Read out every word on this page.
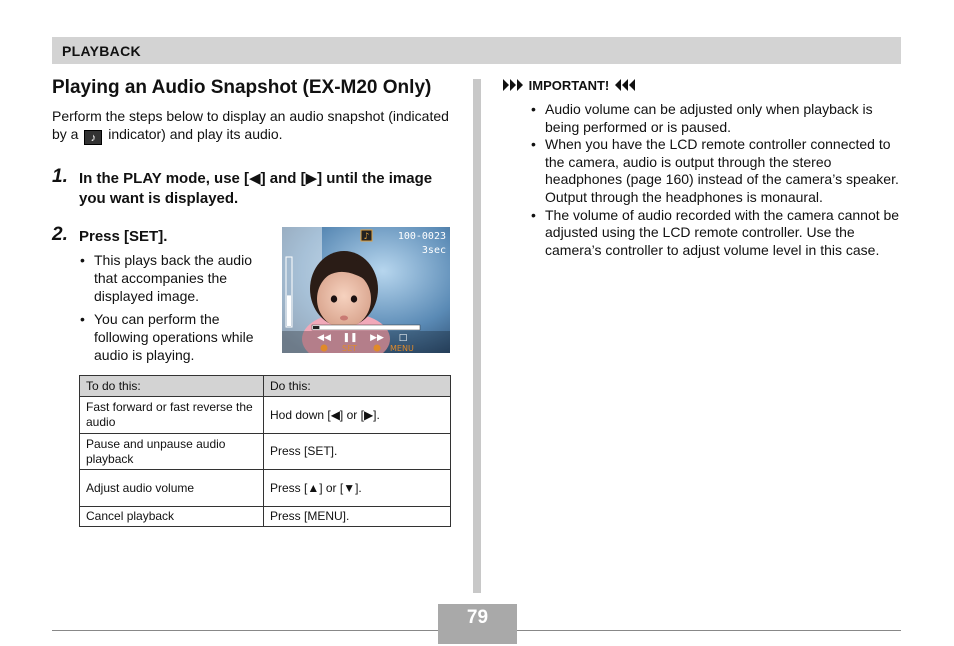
PLAYBACK
Playing an Audio Snapshot (EX-M20 Only)
Perform the steps below to display an audio snapshot (indicated by a ♪ indicator) and play its audio.
1. In the PLAY mode, use [◀] and [▶] until the image you want is displayed.
2. Press [SET].
• This plays back the audio that accompanies the displayed image.
• You can perform the following operations while audio is playing.
♪	100-0023
3sec
◀◀ ❚❚ ▶▶ □
SET	MENU
To do this:	Do this:
Fast forward or fast reverse the audio	Hod down [◀] or [▶].
Pause and unpause audio playback	Press [SET].
Adjust audio volume	Press [▲] or [▼].
Cancel playback	Press [MENU].
IMPORTANT!
• Audio volume can be adjusted only when playback is being performed or is paused.
• When you have the LCD remote controller connected to the camera, audio is output through the stereo headphones (page 160) instead of the camera’s speaker. Output through the headphones is monaural.
• The volume of audio recorded with the camera cannot be adjusted using the LCD remote controller. Use the camera’s controller to adjust volume level in this case.
79
